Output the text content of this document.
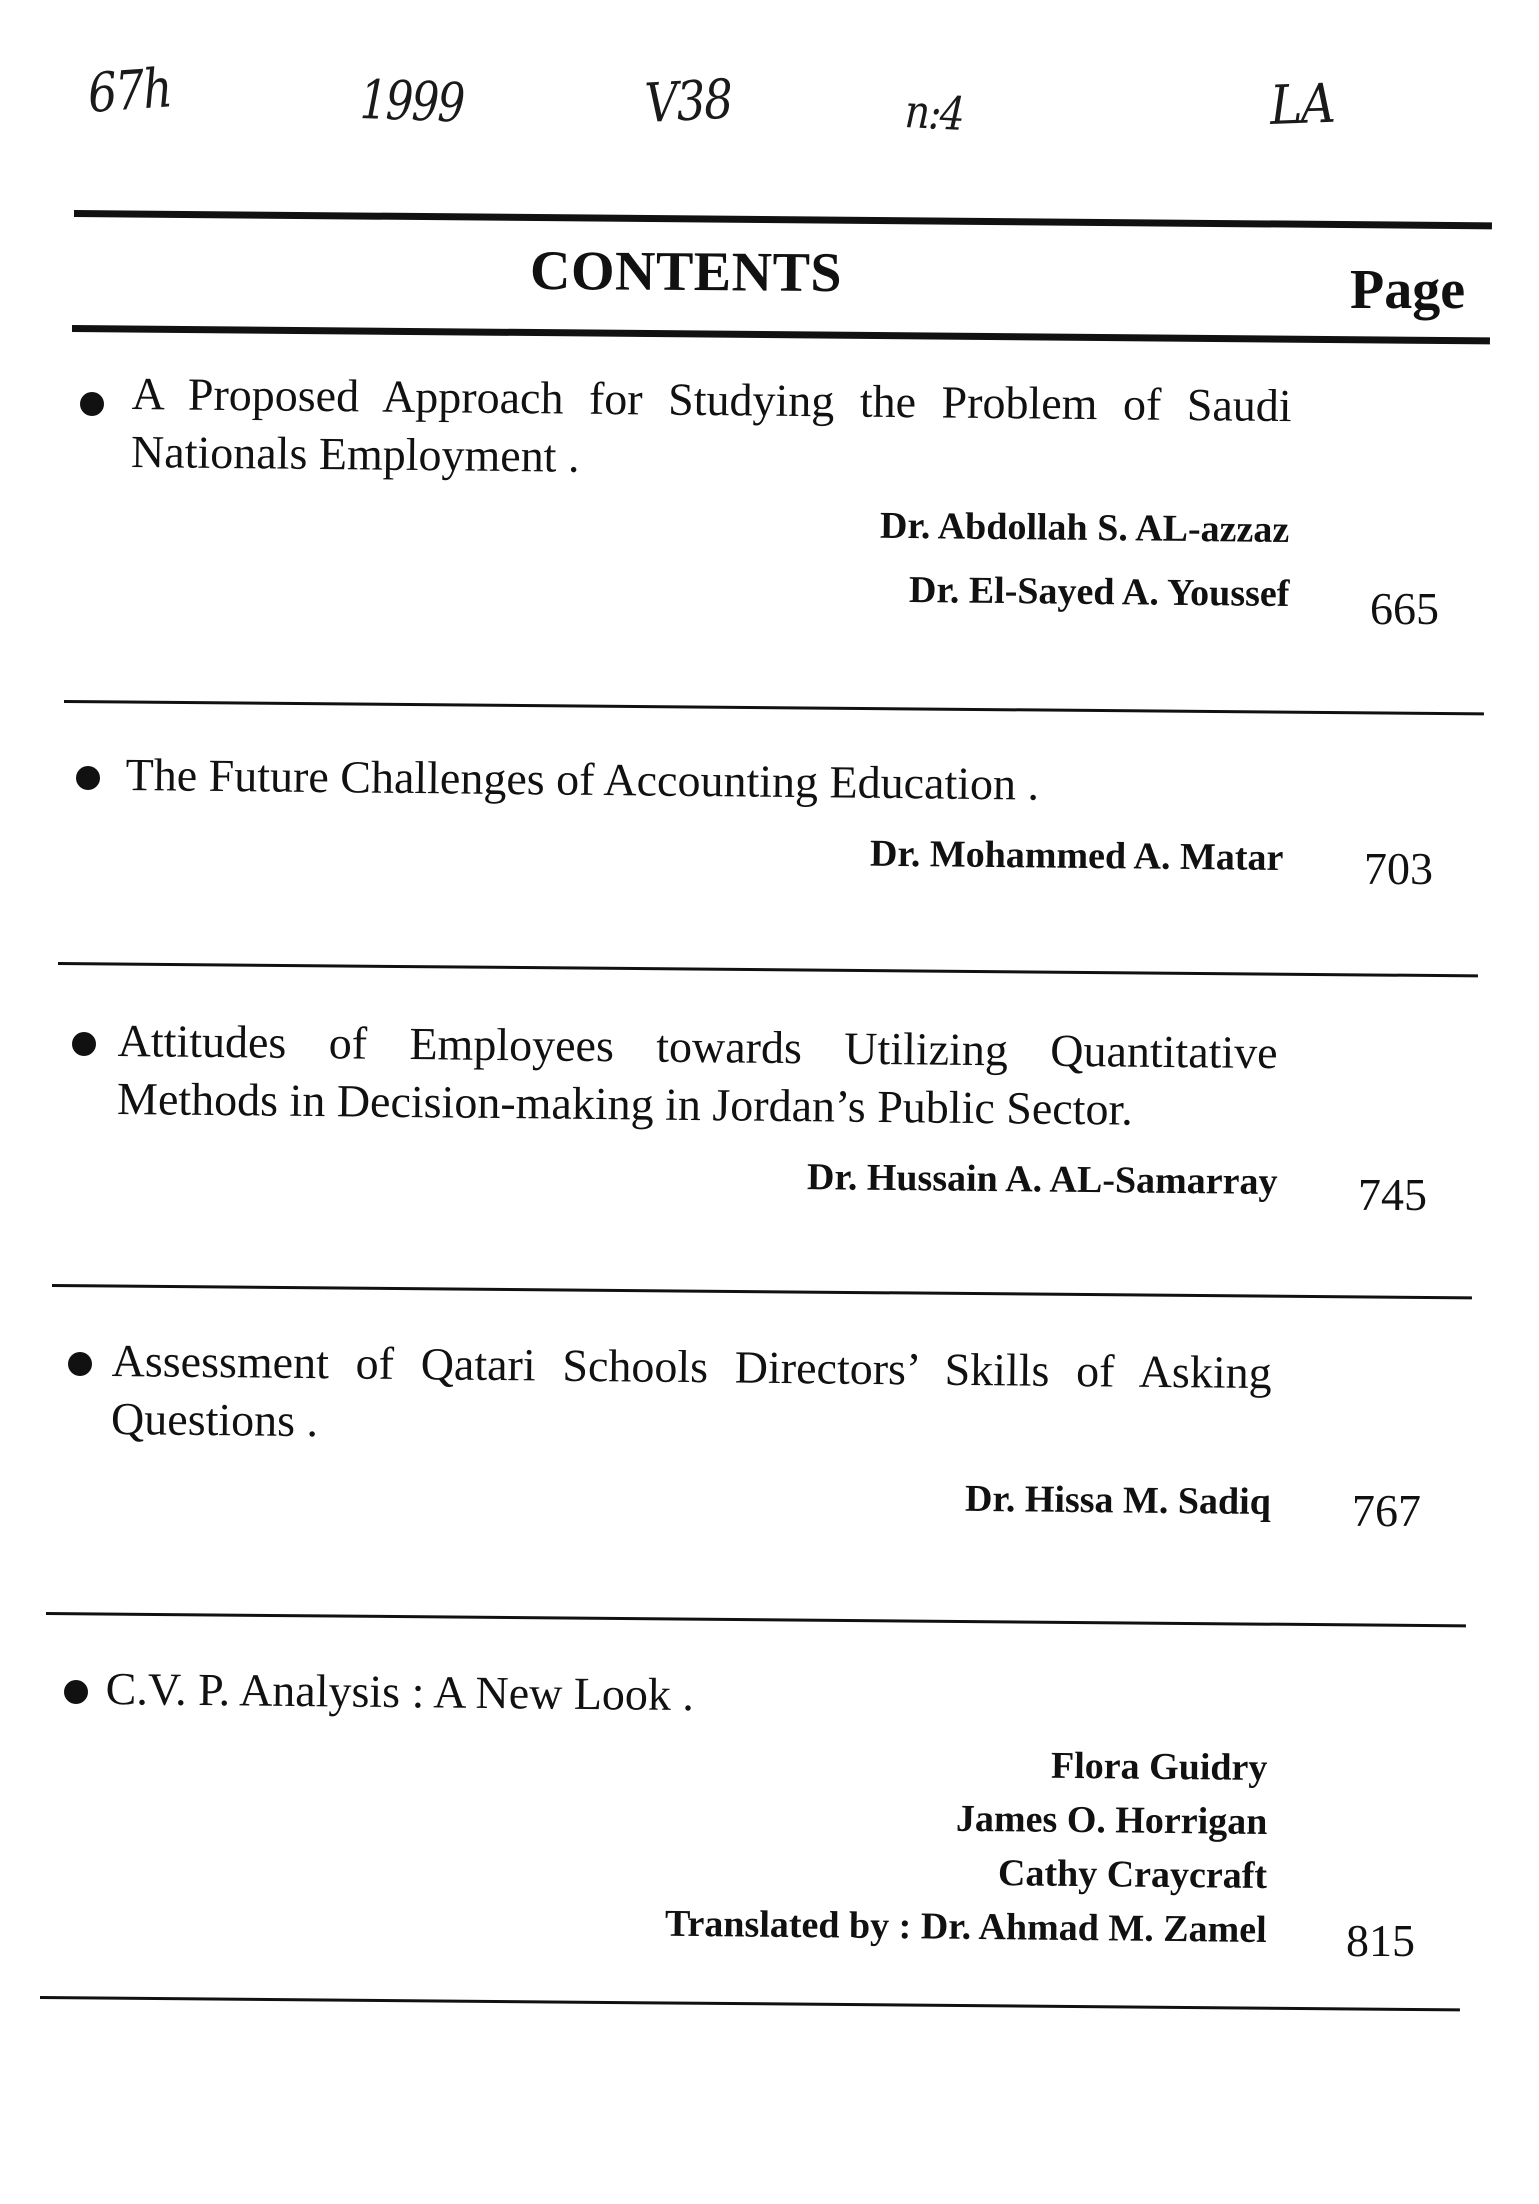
67h	1999	V38	n:4	LA
CONTENTS	Page
A Proposed Approach for Studying the Problem of Saudi Nationals Employment .
Dr. Abdollah S. AL-azzaz
Dr. El-Sayed A. Youssef 665
The Future Challenges of Accounting Education .
Dr. Mohammed A. Matar 703
Attitudes of Employees towards Utilizing Quantitative Methods in Decision-making in Jordan’s Public Sector.
Dr. Hussain A. AL-Samarray 745
Assessment of Qatari Schools Directors’ Skills of Asking Questions .
Dr. Hissa M. Sadiq 767
C.V. P. Analysis : A New Look .
Flora Guidry
James O. Horrigan
Cathy Craycraft
Translated by : Dr. Ahmad M. Zamel 815
